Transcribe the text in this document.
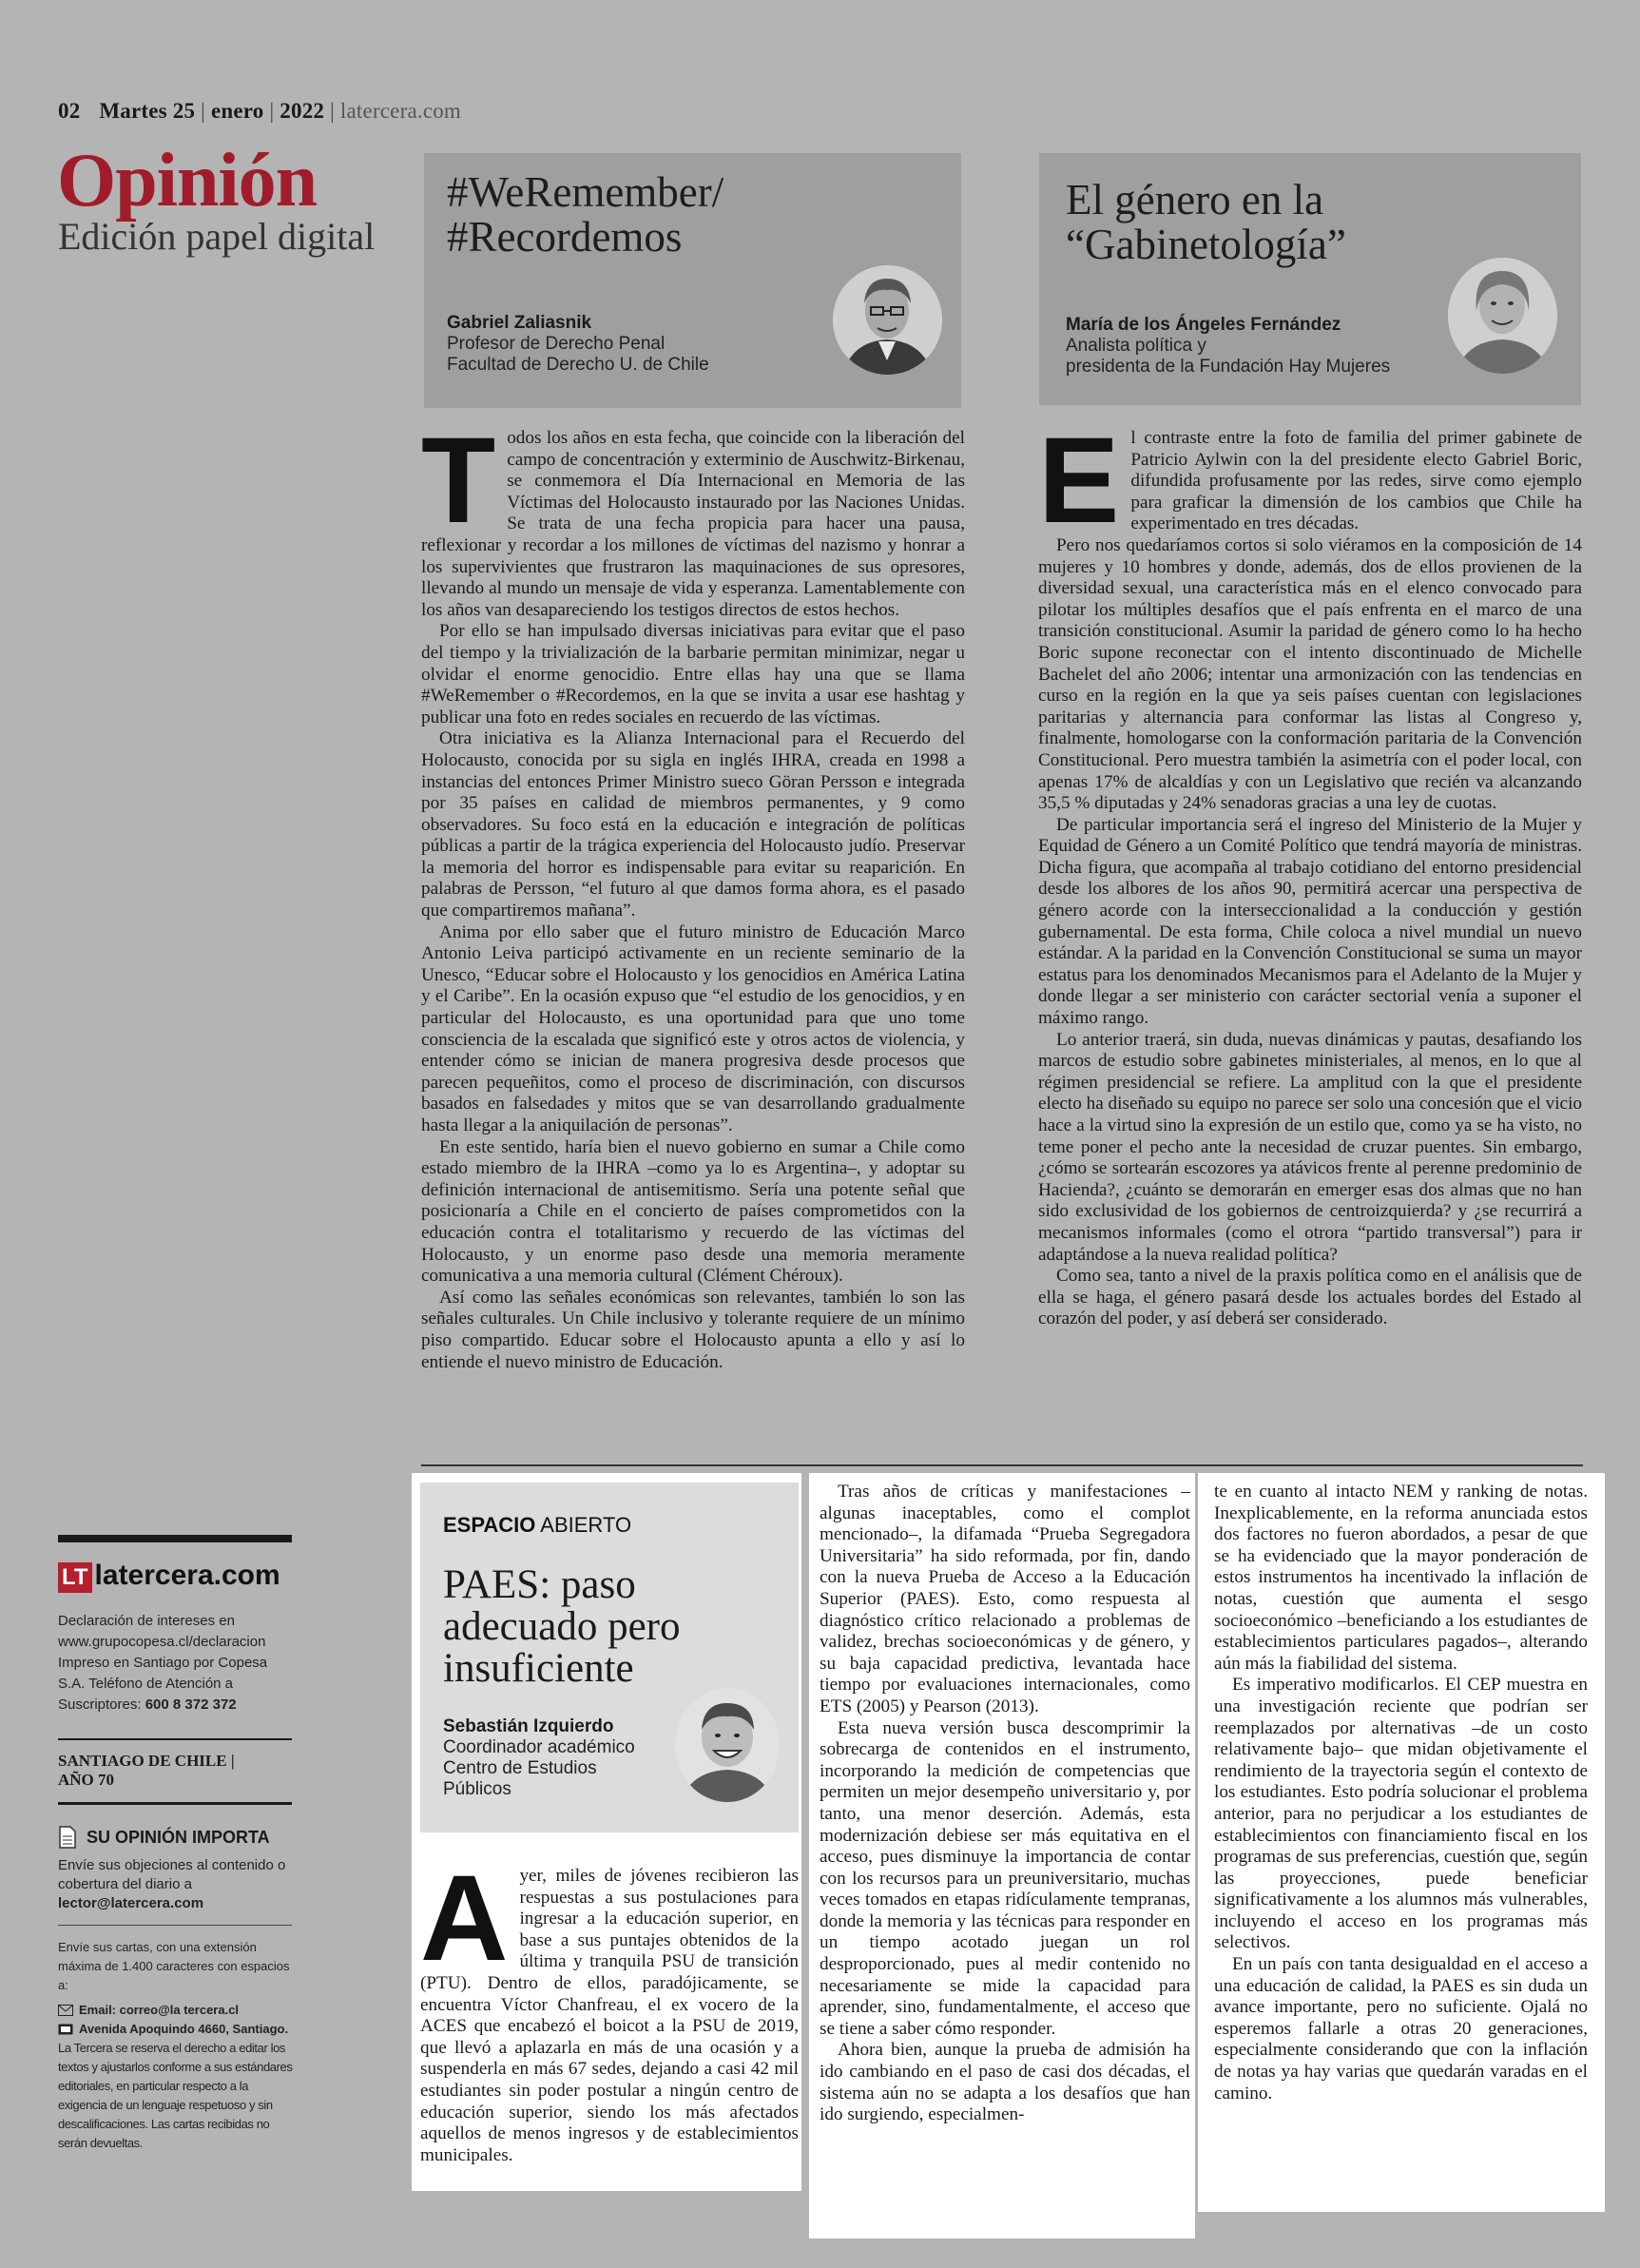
02 Martes 25 | enero | 2022 | latercera.com
Opinión
Edición papel digital
#WeRemember/
#Recordemos
Gabriel Zaliasnik
Profesor de Derecho Penal
Facultad de Derecho U. de Chile
El género en la
“Gabinetología”
María de los Ángeles Fernández
Analista política y
presidenta de la Fundación Hay Mujeres
T odos los años en esta fecha, que coincide con la liberación del campo de concentración y exterminio de Auschwitz-Birkenau, se conmemora el Día Internacional en Memoria de las Víctimas del Holocausto instaurado por las Naciones Unidas. Se trata de una fecha propicia para hacer una pausa, reflexionar y recordar a los millones de víctimas del nazismo y honrar a los supervivientes que frustraron las maquinaciones de sus opresores, llevando al mundo un mensaje de vida y esperanza. Lamentablemente con los años van desapareciendo los testigos directos de estos hechos.

Por ello se han impulsado diversas iniciativas para evitar que el paso del tiempo y la trivialización de la barbarie permitan minimizar, negar u olvidar el enorme genocidio. Entre ellas hay una que se llama #WeRemember o #Recordemos, en la que se invita a usar ese hashtag y publicar una foto en redes sociales en recuerdo de las víctimas.

Otra iniciativa es la Alianza Internacional para el Recuerdo del Holocausto, conocida por su sigla en inglés IHRA, creada en 1998 a instancias del entonces Primer Ministro sueco Göran Persson e integrada por 35 países en calidad de miembros permanentes, y 9 como observadores. Su foco está en la educación e integración de políticas públicas a partir de la trágica experiencia del Holocausto judío. Preservar la memoria del horror es indispensable para evitar su reaparición. En palabras de Persson, “el futuro al que damos forma ahora, es el pasado que compartiremos mañana”.

Anima por ello saber que el futuro ministro de Educación Marco Antonio Leiva participó activamente en un reciente seminario de la Unesco, “Educar sobre el Holocausto y los genocidios en América Latina y el Caribe”. En la ocasión expuso que “el estudio de los genocidios, y en particular del Holocausto, es una oportunidad para que uno tome consciencia de la escalada que significó este y otros actos de violencia, y entender cómo se inician de manera progresiva desde procesos que parecen pequeñitos, como el proceso de discriminación, con discursos basados en falsedades y mitos que se van desarrollando gradualmente hasta llegar a la aniquilación de personas”.

En este sentido, haría bien el nuevo gobierno en sumar a Chile como estado miembro de la IHRA –como ya lo es Argentina–, y adoptar su definición internacional de antisemitismo. Sería una potente señal que posicionaría a Chile en el concierto de países comprometidos con la educación contra el totalitarismo y recuerdo de las víctimas del Holocausto, y un enorme paso desde una memoria meramente comunicativa a una memoria cultural (Clément Chéroux).

Así como las señales económicas son relevantes, también lo son las señales culturales. Un Chile inclusivo y tolerante requiere de un mínimo piso compartido. Educar sobre el Holocausto apunta a ello y así lo entiende el nuevo ministro de Educación.

E l contraste entre la foto de familia del primer gabinete de Patricio Aylwin con la del presidente electo Gabriel Boric, difundida profusamente por las redes, sirve como ejemplo para graficar la dimensión de los cambios que Chile ha experimentado en tres décadas.

Pero nos quedaríamos cortos si solo viéramos en la composición de 14 mujeres y 10 hombres y donde, además, dos de ellos provienen de la diversidad sexual, una característica más en el elenco convocado para pilotar los múltiples desafíos que el país enfrenta en el marco de una transición constitucional. Asumir la paridad de género como lo ha hecho Boric supone reconectar con el intento discontinuado de Michelle Bachelet del año 2006; intentar una armonización con las tendencias en curso en la región en la que ya seis países cuentan con legislaciones paritarias y alternancia para conformar las listas al Congreso y, finalmente, homologarse con la conformación paritaria de la Convención Constitucional. Pero muestra también la asimetría con el poder local, con apenas 17% de alcaldías y con un Legislativo que recién va alcanzando 35,5 % diputadas y 24% senadoras gracias a una ley de cuotas.

De particular importancia será el ingreso del Ministerio de la Mujer y Equidad de Género a un Comité Político que tendrá mayoría de ministras. Dicha figura, que acompaña al trabajo cotidiano del entorno presidencial desde los albores de los años 90, permitirá acercar una perspectiva de género acorde con la interseccionalidad a la conducción y gestión gubernamental. De esta forma, Chile coloca a nivel mundial un nuevo estándar. A la paridad en la Convención Constitucional se suma un mayor estatus para los denominados Mecanismos para el Adelanto de la Mujer y donde llegar a ser ministerio con carácter sectorial venía a suponer el máximo rango.

Lo anterior traerá, sin duda, nuevas dinámicas y pautas, desafiando los marcos de estudio sobre gabinetes ministeriales, al menos, en lo que al régimen presidencial se refiere. La amplitud con la que el presidente electo ha diseñado su equipo no parece ser solo una concesión que el vicio hace a la virtud sino la expresión de un estilo que, como ya se ha visto, no teme poner el pecho ante la necesidad de cruzar puentes. Sin embargo, ¿cómo se sortearán escozores ya atávicos frente al perenne predominio de Hacienda?, ¿cuánto se demorarán en emerger esas dos almas que no han sido exclusividad de los gobiernos de centroizquierda? y ¿se recurrirá a mecanismos informales (como el otrora “partido transversal”) para ir adaptándose a la nueva realidad política?

Como sea, tanto a nivel de la praxis política como en el análisis que de ella se haga, el género pasará desde los actuales bordes del Estado al corazón del poder, y así deberá ser considerado.

ESPACIO ABIERTO
PAES: paso
adecuado pero
insuficiente
Sebastián Izquierdo
Coordinador académico
Centro de Estudios
Públicos
A yer, miles de jóvenes recibieron las respuestas a sus postulaciones para ingresar a la educación superior, en base a sus puntajes obtenidos de la última y tranquila PSU de transición (PTU). Dentro de ellos, paradójicamente, se encuentra Víctor Chanfreau, el ex vocero de la ACES que encabezó el boicot a la PSU de 2019, que llevó a aplazarla en más de una ocasión y a suspenderla en más 67 sedes, dejando a casi 42 mil estudiantes sin poder postular a ningún centro de educación superior, siendo los más afectados aquellos de menos ingresos y de establecimientos municipales.

Tras años de críticas y manifestaciones –algunas inaceptables, como el complot mencionado–, la difamada “Prueba Segregadora Universitaria” ha sido reformada, por fin, dando con la nueva Prueba de Acceso a la Educación Superior (PAES). Esto, como respuesta al diagnóstico crítico relacionado a problemas de validez, brechas socioeconómicas y de género, y su baja capacidad predictiva, levantada hace tiempo por evaluaciones internacionales, como ETS (2005) y Pearson (2013).

Esta nueva versión busca descomprimir la sobrecarga de contenidos en el instrumento, incorporando la medición de competencias que permiten un mejor desempeño universitario y, por tanto, una menor deserción. Además, esta modernización debiese ser más equitativa en el acceso, pues disminuye la importancia de contar con los recursos para un preuniversitario, muchas veces tomados en etapas ridículamente tempranas, donde la memoria y las técnicas para responder en un tiempo acotado juegan un rol desproporcionado, pues al medir contenido no necesariamente se mide la capacidad para aprender, sino, fundamentalmente, el acceso que se tiene a saber cómo responder.

Ahora bien, aunque la prueba de admisión ha ido cambiando en el paso de casi dos décadas, el sistema aún no se adapta a los desafíos que han ido surgiendo, especialmen-

te en cuanto al intacto NEM y ranking de notas. Inexplicablemente, en la reforma anunciada estos dos factores no fueron abordados, a pesar de que se ha evidenciado que la mayor ponderación de estos instrumentos ha incentivado la inflación de notas, cuestión que aumenta el sesgo socioeconómico –beneficiando a los estudiantes de establecimientos particulares pagados–, alterando aún más la fiabilidad del sistema.

Es imperativo modificarlos. El CEP muestra en una investigación reciente que podrían ser reemplazados por alternativas –de un costo relativamente bajo– que midan objetivamente el rendimiento de la trayectoria según el contexto de los estudiantes. Esto podría solucionar el problema anterior, para no perjudicar a los estudiantes de establecimientos con financiamiento fiscal en los programas de sus preferencias, cuestión que, según las proyecciones, puede beneficiar significativamente a los alumnos más vulnerables, incluyendo el acceso en los programas más selectivos.

En un país con tanta desigualdad en el acceso a una educación de calidad, la PAES es sin duda un avance importante, pero no suficiente. Ojalá no esperemos fallarle a otras 20 generaciones, especialmente considerando que con la inflación de notas ya hay varias que quedarán varadas en el camino.

LT latercera.com
Declaración de intereses en www.grupocopesa.cl/declaracion Impreso en Santiago por Copesa S.A. Teléfono de Atención a Suscriptores: 600 8 372 372
SANTIAGO DE CHILE |
AÑO 70
SU OPINIÓN IMPORTA
Envíe sus objeciones al contenido o cobertura del diario a lector@latercera.com
Envíe sus cartas, con una extensión máxima de 1.400 caracteres con espacios a:
Email: correo@la tercera.cl
Avenida Apoquindo 4660, Santiago.
La Tercera se reserva el derecho a editar los textos y ajustarlos conforme a sus estándares editoriales, en particular respecto a la exigencia de un lenguaje respetuoso y sin descalificaciones. Las cartas recibidas no serán devueltas.
